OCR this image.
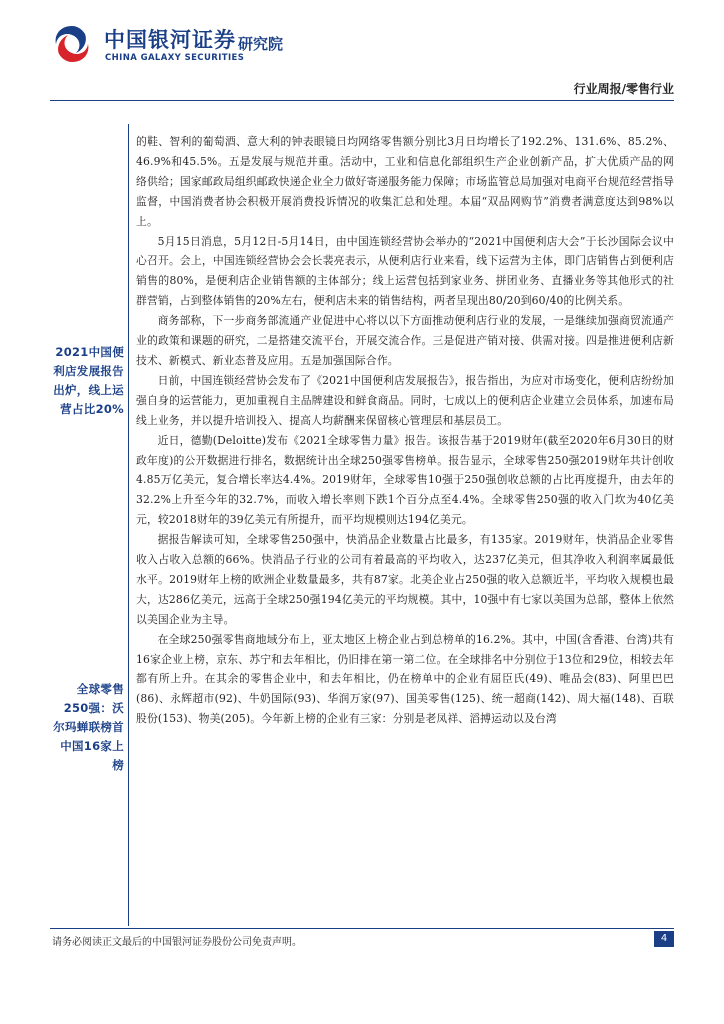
中国银河证券
CHINA GALAXY SECURITIES
研究院
行业周报/零售行业
2021中国便利店发展报告出炉，线上运营占比20%
全球零售250强：沃尔玛蝉联榜首 中国16家上榜

的鞋、智利的葡萄酒、意大利的钟表眼镜日均网络零售额分别比3月日均增长了192.2%、131.6%、85.2%、46.9%和45.5%。五是发展与规范并重。活动中，工业和信息化部组织生产企业创新产品，扩大优质产品的网络供给；国家邮政局组织邮政快递企业全力做好寄递服务能力保障；市场监管总局加强对电商平台规范经营指导监督，中国消费者协会积极开展消费投诉情况的收集汇总和处理。本届“双品网购节”消费者满意度达到98%以上。

5月15日消息，5月12日-5月14日，由中国连锁经营协会举办的“2021中国便利店大会”于长沙国际会议中心召开。会上，中国连锁经营协会会长裴亮表示，从便利店行业来看，线下运营为主体，即门店销售占到便利店销售的80%，是便利店企业销售额的主体部分；线上运营包括到家业务、拼团业务、直播业务等其他形式的社群营销，占到整体销售的20%左右，便利店未来的销售结构，两者呈现出80/20到60/40的比例关系。

商务部称，下一步商务部流通产业促进中心将以以下方面推动便利店行业的发展，一是继续加强商贸流通产业的政策和课题的研究，二是搭建交流平台，开展交流合作。三是促进产销对接、供需对接。四是推进便利店新技术、新模式、新业态普及应用。五是加强国际合作。

日前，中国连锁经营协会发布了《2021中国便利店发展报告》，报告指出，为应对市场变化，便利店纷纷加强自身的运营能力，更加重视自主品牌建设和鲜食商品。同时，七成以上的便利店企业建立会员体系，加速布局线上业务，并以提升培训投入、提高人均薪酬来保留核心管理层和基层员工。

近日，德勤(Deloitte)发布《2021全球零售力量》报告。该报告基于2019财年(截至2020年6月30日的财政年度)的公开数据进行排名，数据统计出全球250强零售榜单。报告显示，全球零售250强2019财年共计创收4.85万亿美元，复合增长率达4.4%。2019财年，全球零售10强于250强创收总额的占比再度提升，由去年的32.2%上升至今年的32.7%，而收入增长率则下跌1个百分点至4.4%。全球零售250强的收入门坎为40亿美元，较2018财年的39亿美元有所提升，而平均规模则达194亿美元。

据报告解读可知，全球零售250强中，快消品企业数量占比最多，有135家。2019财年，快消品企业零售收入占收入总额的66%。快消品子行业的公司有着最高的平均收入，达237亿美元，但其净收入利润率属最低水平。2019财年上榜的欧洲企业数量最多，共有87家。北美企业占250强的收入总额近半，平均收入规模也最大，达286亿美元，远高于全球250强194亿美元的平均规模。其中，10强中有七家以美国为总部，整体上依然以美国企业为主导。

在全球250强零售商地域分布上，亚太地区上榜企业占到总榜单的16.2%。其中，中国(含香港、台湾)共有16家企业上榜，京东、苏宁和去年相比，仍旧排在第一第二位。在全球排名中分别位于13位和29位，相较去年都有所上升。在其余的零售企业中，和去年相比，仍在榜单中的企业有屈臣氏(49)、唯品会(83)、阿里巴巴(86)、永辉超市(92)、牛奶国际(93)、华润万家(97)、国美零售(125)、统一超商(142)、周大福(148)、百联股份(153)、物美(205)。今年新上榜的企业有三家：分别是老凤祥、滔搏运动以及台湾

请务必阅读正文最后的中国银河证券股份公司免责声明。	4
